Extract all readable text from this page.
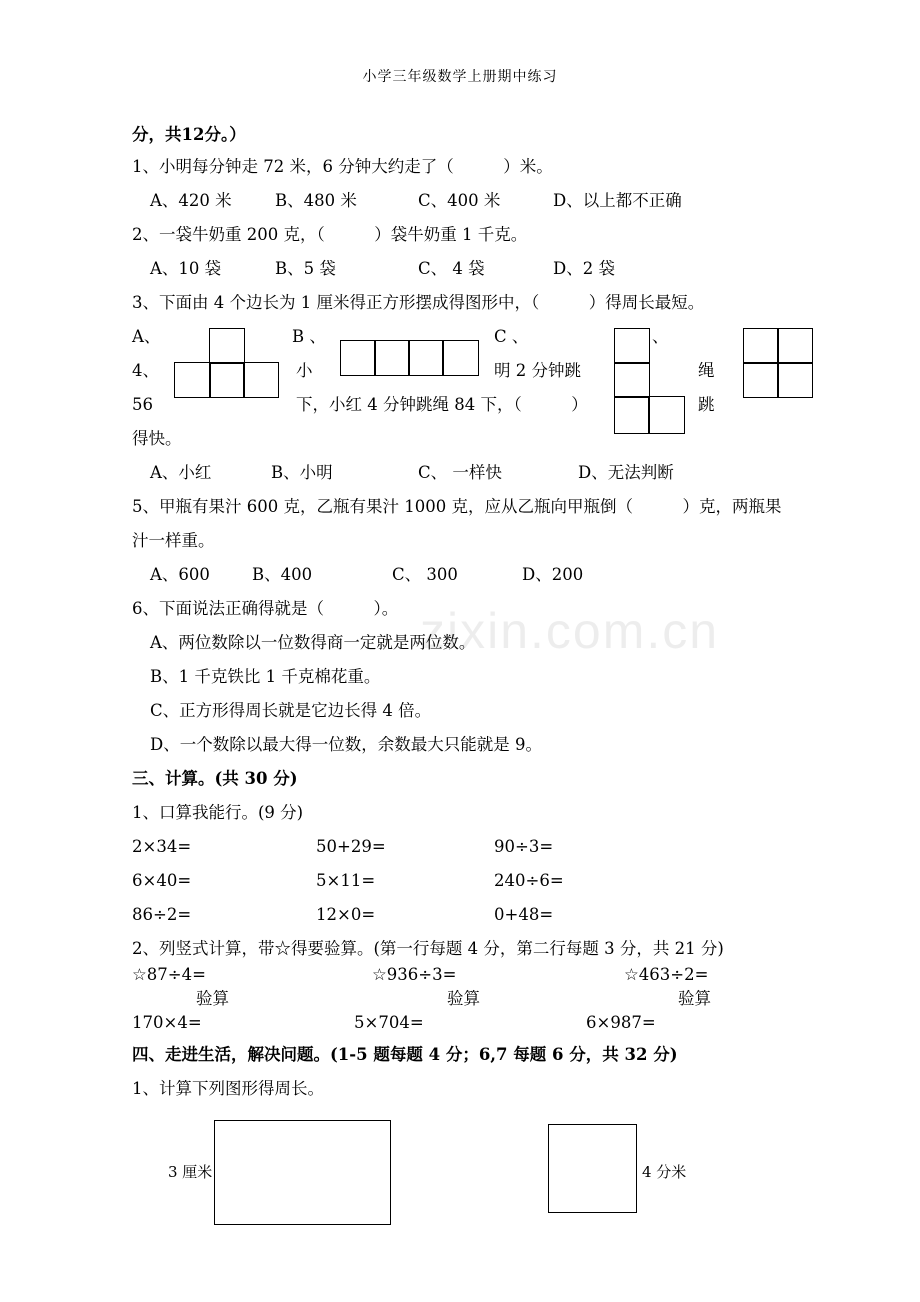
小学三年级数学上册期中练习
分，共12分。）
1、小明每分钟走 72 米，6 分钟大约走了（　　　）米。
A、420 米	B、480 米	C、400 米	D、以上都不正确
2、一袋牛奶重 200 克，（　　　）袋牛奶重 1 千克。
A、10 袋	B、5 袋	C、 4 袋	D、2 袋
3、下面由 4 个边长为 1 厘米得正方形摆成得图形中，（　　　）得周长最短。
A、	B 、	C 、	、
4、	小	明 2 分钟跳	绳
56	下，小红 4 分钟跳绳 84 下，（　　　）	跳
得快。
A、小红	B、小明	C、 一样快	D、无法判断
5、甲瓶有果汁 600 克，乙瓶有果汁 1000 克，应从乙瓶向甲瓶倒（　　　）克，两瓶果
汁一样重。
A、600	B、400	C、 300	D、200
6、下面说法正确得就是（　　　）。
A、两位数除以一位数得商一定就是两位数。
B、1 千克铁比 1 千克棉花重。
C、正方形得周长就是它边长得 4 倍。
D、一个数除以最大得一位数，余数最大只能就是 9。
zixin.com.cn
三、计算。(共 30 分)
1、口算我能行。(9 分)
2×34=	50+29=	90÷3=
6×40=	5×11=	240÷6=
86÷2=	12×0=	0+48=
2、列竖式计算，带☆得要验算。(第一行每题 4 分，第二行每题 3 分，共 21 分)
☆87÷4=	☆936÷3=	☆463÷2=
验算	验算	验算
170×4=	5×704=	6×987=
四、走进生活，解决问题。(1-5 题每题 4 分；6,7 每题 6 分，共 32 分)
1、计算下列图形得周长。
3 厘米	4 分米
